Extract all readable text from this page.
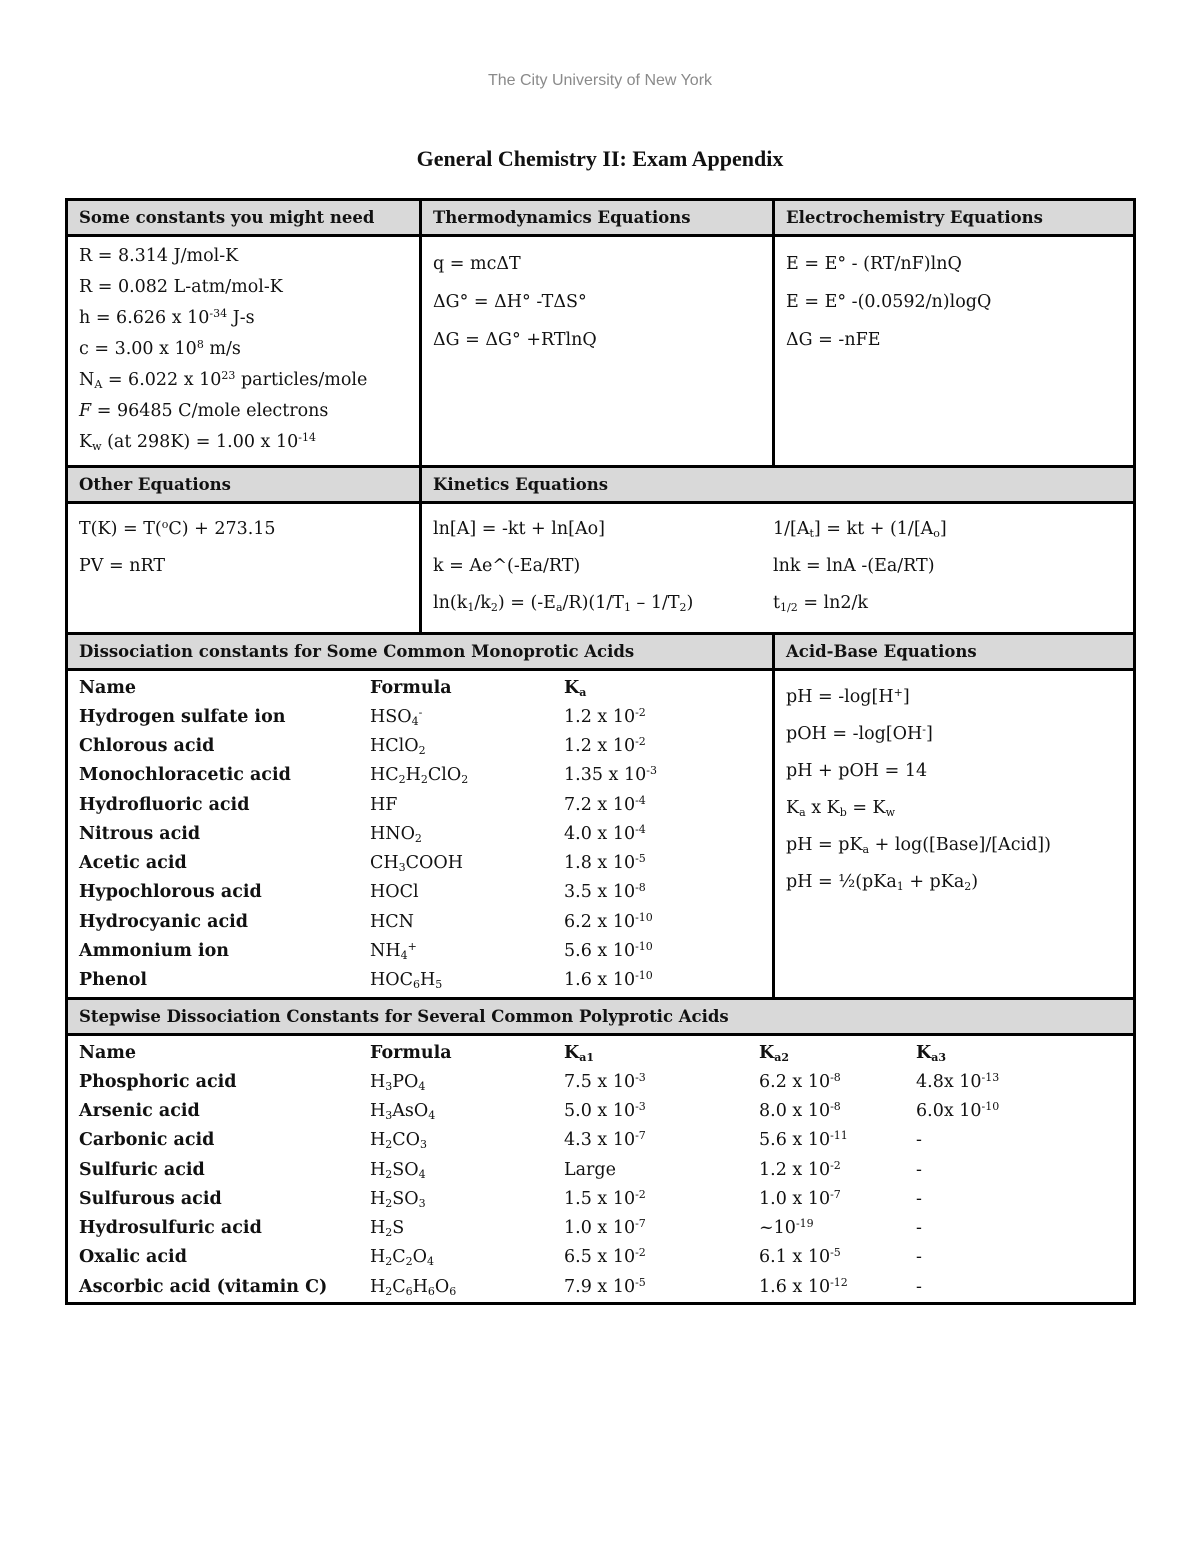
The City University of New York
General Chemistry II: Exam Appendix
Some constants you might need	Thermodynamics Equations	Electrochemistry Equations
R = 8.314 J/mol-K
R = 0.082 L-atm/mol-K
h = 6.626 x $10^{-34}$ J-s
c = 3.00 x $10^8$ m/s
$N_A = 6.022$ x $10^{23}$ particles/mole
F = 96485 C/mole electrons
$K_w$ (at 298K) = 1.00 x $10^{-14}$
q = mcΔT
ΔG° = ΔH° -TΔS°
ΔG = ΔG° +RTlnQ
E = E° - (RT/nF)lnQ
E = E° -(0.0592/n)logQ
ΔG = -nFE
Other Equations	Kinetics Equations
T(K) = T($^o$C) + 273.15
PV = nRT
ln[A] = -kt + ln[Ao]
k = Ae^(-Ea/RT)
$\ln(k_1/k_2) = (-E_a/R)(1/T_1 - 1/T_2)$
$1/[A_t]$ = kt + ($1/[A_o]$
lnk = lnA -(Ea/RT)
$t_{1/2} = \ln 2/k$
Dissociation constants for Some Common Monoprotic Acids	Acid-Base Equations
Name	Formula	$K_a$
Hydrogen sulfate ion	$HSO_4^-$	1.2 x $10^{-2}$
Chlorous acid	HClO$_2$	1.2 x $10^{-2}$
Monochloracetic acid	$HC_2H_2ClO_2$	1.35 x $10^{-3}$
Hydrofluoric acid	HF	7.2 x $10^{-4}$
Nitrous acid	$HNO_2$	4.0 x $10^{-4}$
Acetic acid	$CH_3COOH$	1.8 x $10^{-5}$
Hypochlorous acid	HOCl	3.5 x $10^{-8}$
Hydrocyanic acid	HCN	6.2 x $10^{-10}$
Ammonium ion	$NH_4^+$	5.6 x $10^{-10}$
Phenol	$HOC_6H_5$	1.6 x $10^{-10}$
pH = -log[H+]
pOH = -log[OH-]
pH + pOH = 14
$K_a$ x $K_b = K_w$
pH = $pK_a$ + log([Base]/[Acid])
pH = ½(pKa$_1$ + pKa$_2$)
Stepwise Dissociation Constants for Several Common Polyprotic Acids
Name	Formula	$K_{a1}$	$K_{a2}$	$K_{a3}$
Phosphoric acid	$H_3PO_4$	7.5 x $10^{-3}$	6.2 x $10^{-8}$	4.8x $10^{-13}$
Arsenic acid	$H_3AsO_4$	5.0 x $10^{-3}$	8.0 x $10^{-8}$	6.0x $10^{-10}$
Carbonic acid	$H_2CO_3$	4.3 x $10^{-7}$	5.6 x $10^{-11}$	-
Sulfuric acid	$H_2SO_4$	Large	1.2 x $10^{-2}$	-
Sulfurous acid	$H_2SO_3$	1.5 x $10^{-2}$	1.0 x $10^{-7}$	-
Hydrosulfuric acid	$H_2S$	1.0 x $10^{-7}$	$\sim 10^{-19}$	-
Oxalic acid	$H_2C_2O_4$	6.5 x $10^{-2}$	6.1 x $10^{-5}$	-
Ascorbic acid (vitamin C)	$H_2C_6H_6O_6$	7.9 x $10^{-5}$	1.6 x $10^{-12}$	-
